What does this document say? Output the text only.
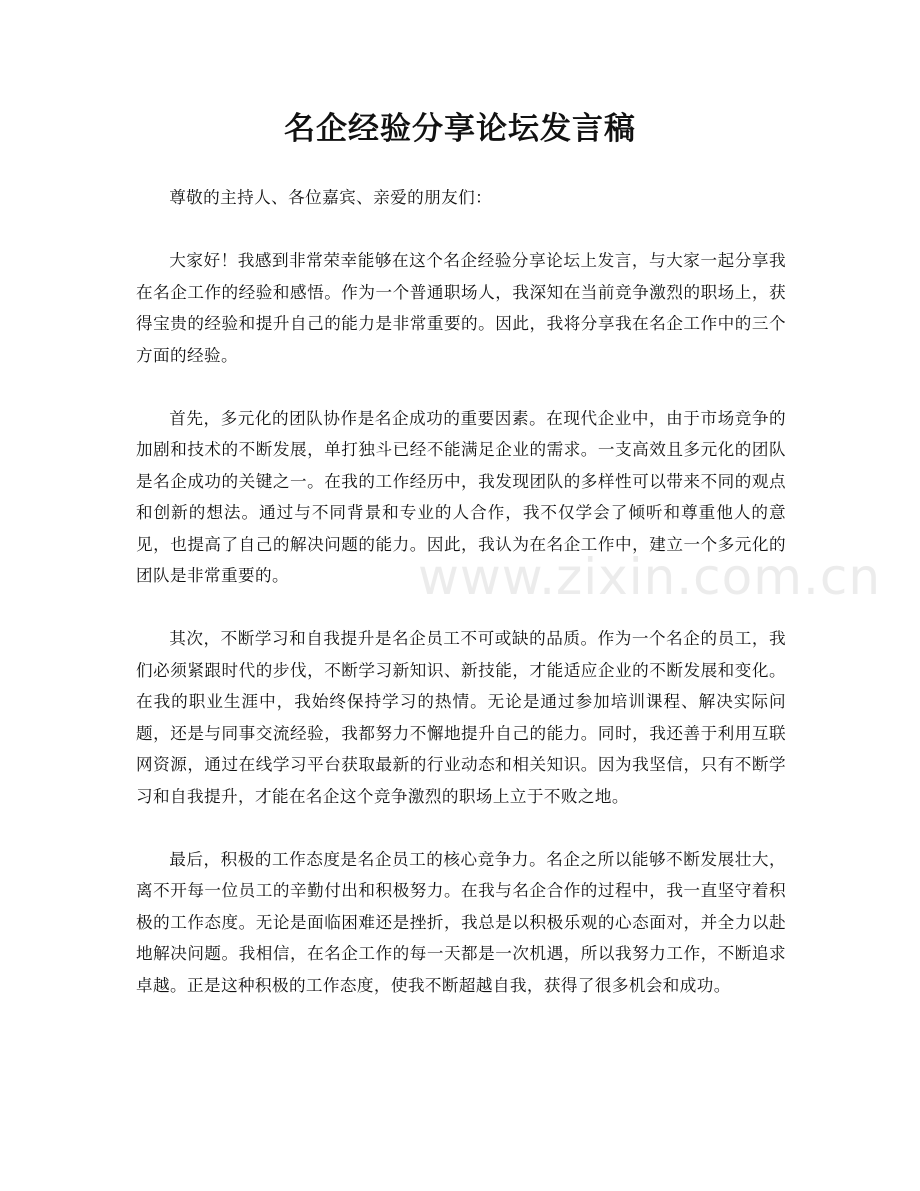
名企经验分享论坛发言稿

尊敬的主持人、各位嘉宾、亲爱的朋友们：

大家好！我感到非常荣幸能够在这个名企经验分享论坛上发言，与大家一起分享我在名企工作的经验和感悟。作为一个普通职场人，我深知在当前竞争激烈的职场上，获得宝贵的经验和提升自己的能力是非常重要的。因此，我将分享我在名企工作中的三个方面的经验。

首先，多元化的团队协作是名企成功的重要因素。在现代企业中，由于市场竞争的加剧和技术的不断发展，单打独斗已经不能满足企业的需求。一支高效且多元化的团队是名企成功的关键之一。在我的工作经历中，我发现团队的多样性可以带来不同的观点和创新的想法。通过与不同背景和专业的人合作，我不仅学会了倾听和尊重他人的意见，也提高了自己的解决问题的能力。因此，我认为在名企工作中，建立一个多元化的团队是非常重要的。

其次，不断学习和自我提升是名企员工不可或缺的品质。作为一个名企的员工，我们必须紧跟时代的步伐，不断学习新知识、新技能，才能适应企业的不断发展和变化。在我的职业生涯中，我始终保持学习的热情。无论是通过参加培训课程、解决实际问题，还是与同事交流经验，我都努力不懈地提升自己的能力。同时，我还善于利用互联网资源，通过在线学习平台获取最新的行业动态和相关知识。因为我坚信，只有不断学习和自我提升，才能在名企这个竞争激烈的职场上立于不败之地。

最后，积极的工作态度是名企员工的核心竞争力。名企之所以能够不断发展壮大，离不开每一位员工的辛勤付出和积极努力。在我与名企合作的过程中，我一直坚守着积极的工作态度。无论是面临困难还是挫折，我总是以积极乐观的心态面对，并全力以赴地解决问题。我相信，在名企工作的每一天都是一次机遇，所以我努力工作，不断追求卓越。正是这种积极的工作态度，使我不断超越自我，获得了很多机会和成功。

www.zixin.com.cn
